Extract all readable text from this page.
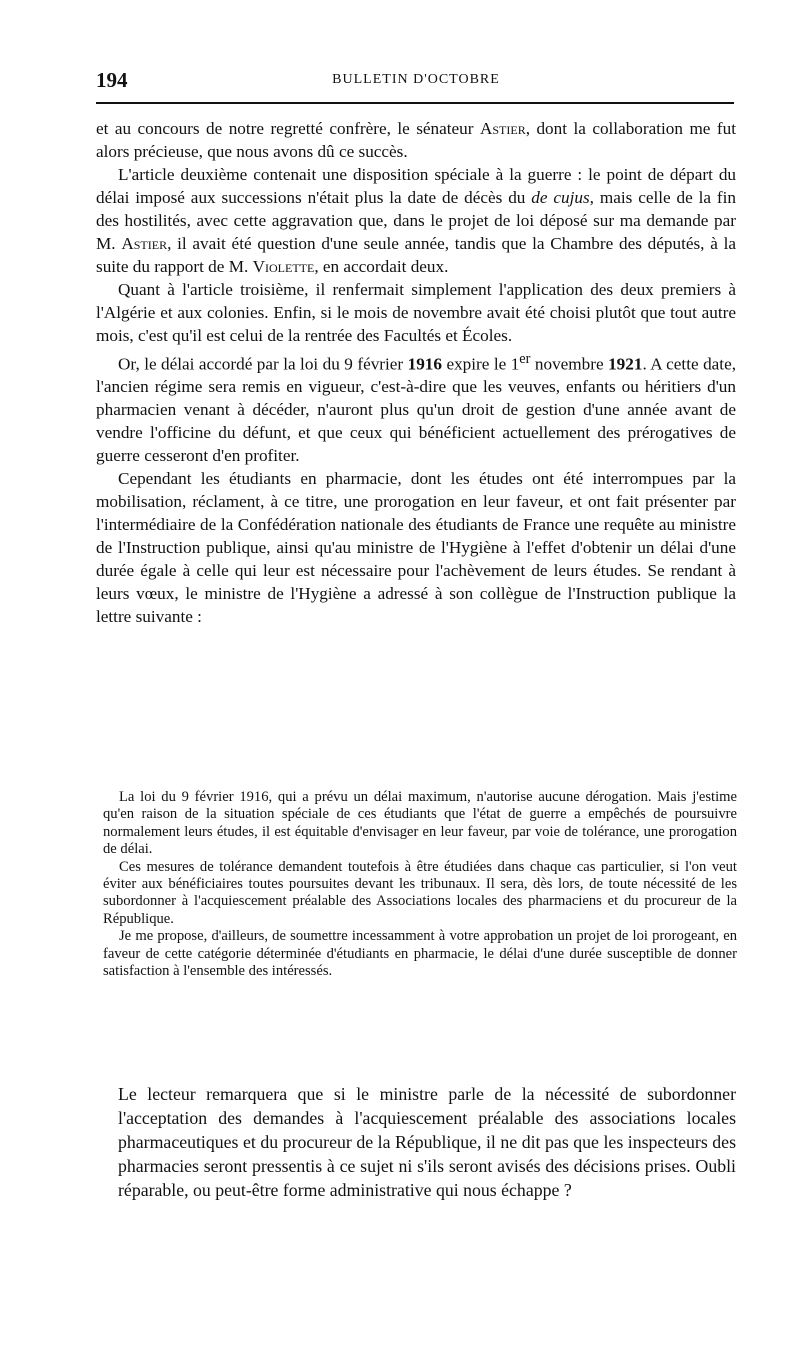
194	BULLETIN D'OCTOBRE

et au concours de notre regretté confrère, le sénateur Astier, dont la collaboration me fut alors précieuse, que nous avons dû ce succès.

L'article deuxième contenait une disposition spéciale à la guerre : le point de départ du délai imposé aux successions n'était plus la date de décès du de cujus, mais celle de la fin des hostilités, avec cette aggravation que, dans le projet de loi déposé sur ma demande par M. Astier, il avait été question d'une seule année, tandis que la Chambre des députés, à la suite du rapport de M. Violette, en accordait deux.

Quant à l'article troisième, il renfermait simplement l'application des deux premiers à l'Algérie et aux colonies. Enfin, si le mois de novembre avait été choisi plutôt que tout autre mois, c'est qu'il est celui de la rentrée des Facultés et Écoles.

Or, le délai accordé par la loi du 9 février 1916 expire le 1er novembre 1921. A cette date, l'ancien régime sera remis en vigueur, c'est-à-dire que les veuves, enfants ou héritiers d'un pharmacien venant à décéder, n'auront plus qu'un droit de gestion d'une année avant de vendre l'officine du défunt, et que ceux qui bénéficient actuellement des prérogatives de guerre cesseront d'en profiter.

Cependant les étudiants en pharmacie, dont les études ont été interrompues par la mobilisation, réclament, à ce titre, une prorogation en leur faveur, et ont fait présenter par l'intermédiaire de la Confédération nationale des étudiants de France une requête au ministre de l'Instruction publique, ainsi qu'au ministre de l'Hygiène à l'effet d'obtenir un délai d'une durée égale à celle qui leur est nécessaire pour l'achèvement de leurs études. Se rendant à leurs vœux, le ministre de l'Hygiène a adressé à son collègue de l'Instruction publique la lettre suivante :

La loi du 9 février 1916, qui a prévu un délai maximum, n'autorise aucune dérogation. Mais j'estime qu'en raison de la situation spéciale de ces étudiants que l'état de guerre a empêchés de poursuivre normalement leurs études, il est équitable d'envisager en leur faveur, par voie de tolérance, une prorogation de délai.

Ces mesures de tolérance demandent toutefois à être étudiées dans chaque cas particulier, si l'on veut éviter aux bénéficiaires toutes poursuites devant les tribunaux. Il sera, dès lors, de toute nécessité de les subordonner à l'acquiescement préalable des Associations locales des pharmaciens et du procureur de la République.

Je me propose, d'ailleurs, de soumettre incessamment à votre approbation un projet de loi prorogeant, en faveur de cette catégorie déterminée d'étudiants en pharmacie, le délai d'une durée susceptible de donner satisfaction à l'ensemble des intéressés.

Le lecteur remarquera que si le ministre parle de la nécessité de subordonner l'acceptation des demandes à l'acquiescement préalable des associations locales pharmaceutiques et du procureur de la République, il ne dit pas que les inspecteurs des pharmacies seront pressentis à ce sujet ni s'ils seront avisés des décisions prises. Oubli réparable, ou peut-être forme administrative qui nous échappe ?
